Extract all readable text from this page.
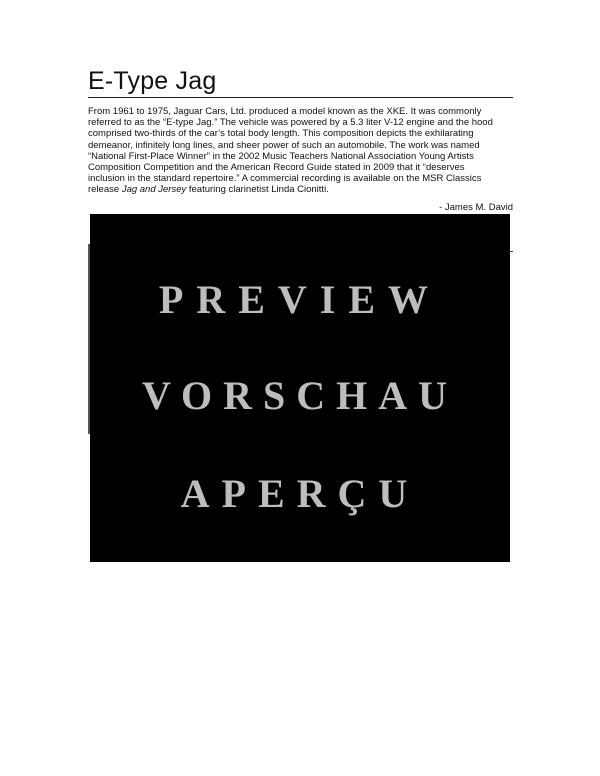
E-Type Jag

From 1961 to 1975, Jaguar Cars, Ltd. produced a model known as the XKE. It was commonly
referred to as the “E-type Jag.” The vehicle was powered by a 5.3 liter V-12 engine and the hood
comprised two-thirds of the car’s total body length. This composition depicts the exhilarating
demeanor, infinitely long lines, and sheer power of such an automobile. The work was named
“National First-Place Winner” in the 2002 Music Teachers National Association Young Artists
Composition Competition and the American Record Guide stated in 2009 that it “deserves
inclusion in the standard repertoire.” A commercial recording is available on the MSR Classics
release Jag and Jersey featuring clarinetist Linda Cionitti.

- James M. David
PREVIEW
VORSCHAU
APERÇU
